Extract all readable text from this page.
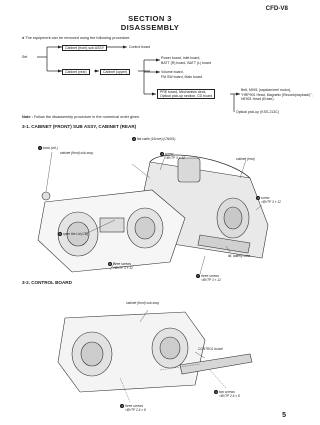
CFD-V8
SECTION 3
DISASSEMBLY
● The equipment can be removed using the following procedure.
Set
Cabinet (front) sub ASSY	Control board
Cabinet (rear)	Cabinet (upper)
Power board, Inlet board,
BATT (R) board, BATT (L) board
Volume board,
FM SW board, Main board
PRE board, Mechanism deck,
Optical pick-up section, CD board
Belt, M901 (capstan/reel motor),
"HRP901 Head, Magnetic (Record/playback)",
HE901 Head (Erase)
Optical pick-up (KSS-213C)
Note : Follow the disassembly procedure in the numerical order given.
3-1. CABINET (FRONT) SUB ASSY, CABINET (REAR)
1 knob (vol.)
cabinet (front) sub assy
2 flat cable (16core) (CN601)
3 screw
<BVTP 3 × 12	cabinet (rear)
4 screw
<BVTP 3 × 12
5 open the Lid (CD)
lid, battery case
6 three screws
<BVTP 3 × 12
7 three screws
<BVTP 3 × 12
3-2. CONTROL BOARD
cabinet (front) sub assy
CONTROL board
1 two screws
<BVTP 2.6 × 8
2 three screws
<BVTP 2.6 × 8
5
